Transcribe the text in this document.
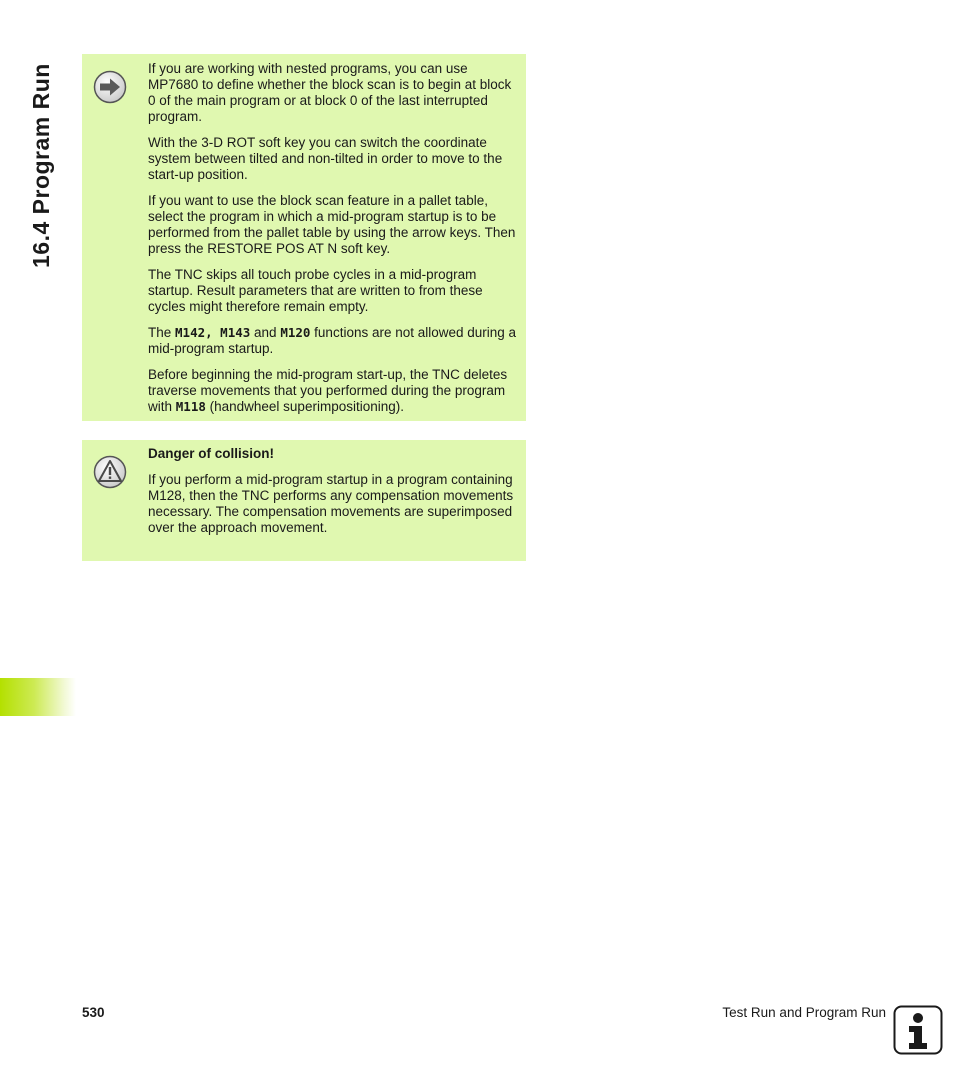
16.4 Program Run	If you are working with nested programs, you can use MP7680 to define whether the block scan is to begin at block 0 of the main program or at block 0 of the last interrupted program.

With the 3-D ROT soft key you can switch the coordinate system between tilted and non-tilted in order to move to the start-up position.

If you want to use the block scan feature in a pallet table, select the program in which a mid-program startup is to be performed from the pallet table by using the arrow keys. Then press the RESTORE POS AT N soft key.

The TNC skips all touch probe cycles in a mid-program startup. Result parameters that are written to from these cycles might therefore remain empty.

The M142, M143 and M120 functions are not allowed during a mid-program startup.

Before beginning the mid-program start-up, the TNC deletes traverse movements that you performed during the program with M118 (handwheel superimpositioning).

Danger of collision!

If you perform a mid-program startup in a program containing M128, then the TNC performs any compensation movements necessary. The compensation movements are superimposed over the approach movement.

530	Test Run and Program Run
